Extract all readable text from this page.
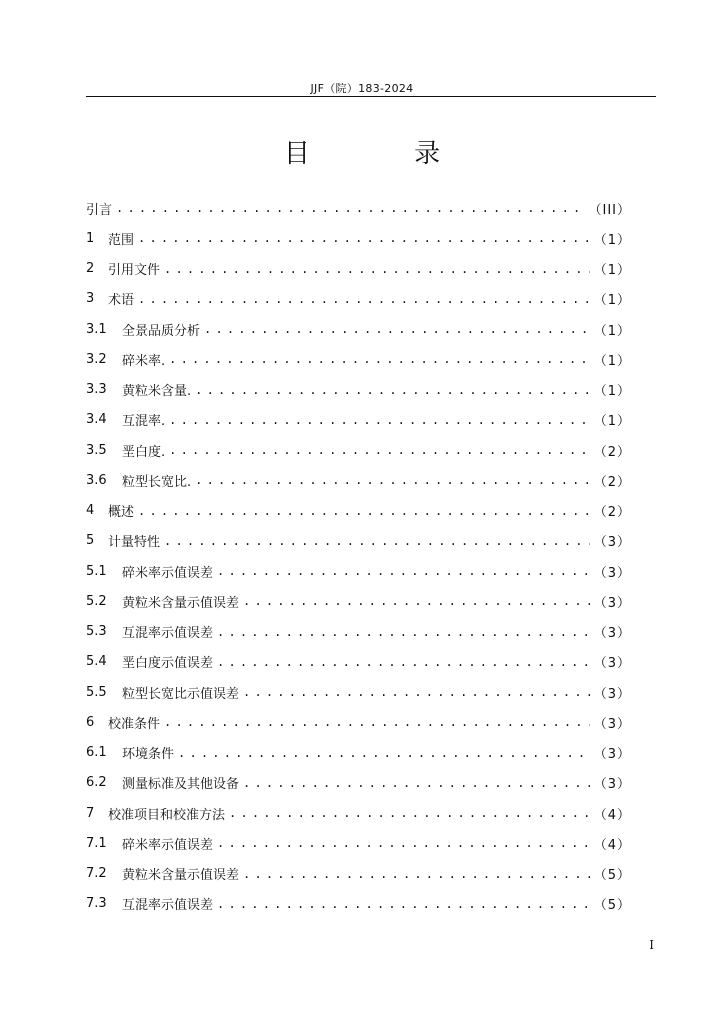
JJF（院）183-2024
目 录
引言 .....	（III）
1	范围 .....	（1）
2	引用文件 .....	（1）
3	术语 .....	（1）
3.1	全景品质分析 .....	（1）
3.2	碎米率. .....	（1）
3.3	黄粒米含量. .....	（1）
3.4	互混率. .....	（1）
3.5	垩白度. .....	（2）
3.6	粒型长宽比. .....	（2）
4	概述 .....	（2）
5	计量特性 .....	（3）
5.1	碎米率示值误差 .....	（3）
5.2	黄粒米含量示值误差 .....	（3）
5.3	互混率示值误差 .....	（3）
5.4	垩白度示值误差 .....	（3）
5.5	粒型长宽比示值误差 .....	（3）
6	校准条件 .....	（3）
6.1	环境条件 .....	（3）
6.2	测量标准及其他设备 .....	（3）
7	校准项目和校准方法 .....	（4）
7.1	碎米率示值误差 .....	（4）
7.2	黄粒米含量示值误差 .....	（5）
7.3	互混率示值误差 .....	（5）
I
